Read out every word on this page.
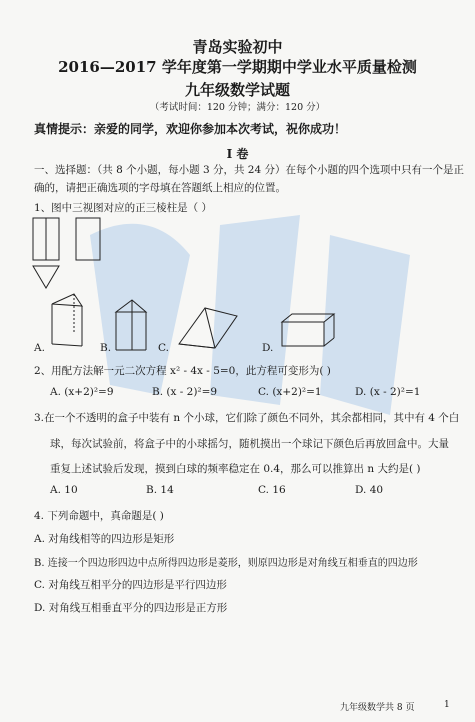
青岛实验初中
2016—2017 学年度第一学期期中学业水平质量检测
九年级数学试题
（考试时间：120 分钟；满分：120 分）
真情提示：亲爱的同学，欢迎你参加本次考试，祝你成功！
I 卷
一、选择题：（共 8 个小题，每小题 3 分，共 24 分）在每个小题的四个选项中只有一个是正
确的，请把正确选项的字母填在答题纸上相应的位置。
1、图中三视图对应的正三棱柱是（ ）
A.	B.	C.	D.
2、用配方法解一元二次方程 x² - 4x - 5=0，此方程可变形为( )
A. (x+2)²=9	B. (x - 2)²=9	C. (x+2)²=1	D. (x - 2)²=1
3.在一个不透明的盒子中装有 n 个小球，它们除了颜色不同外，其余都相同，其中有 4 个白
球，每次试验前，将盒子中的小球摇匀，随机摸出一个球记下颜色后再放回盒中。大量
重复上述试验后发现，摸到白球的频率稳定在 0.4，那么可以推算出 n 大约是( )
A. 10	B. 14	C. 16	D. 40
4. 下列命题中，真命题是( )
A. 对角线相等的四边形是矩形
B. 连接一个四边形四边中点所得四边形是菱形，则原四边形是对角线互相垂直的四边形
C. 对角线互相平分的四边形是平行四边形
D. 对角线互相垂直平分的四边形是正方形
九年级数学共 8 页	1
